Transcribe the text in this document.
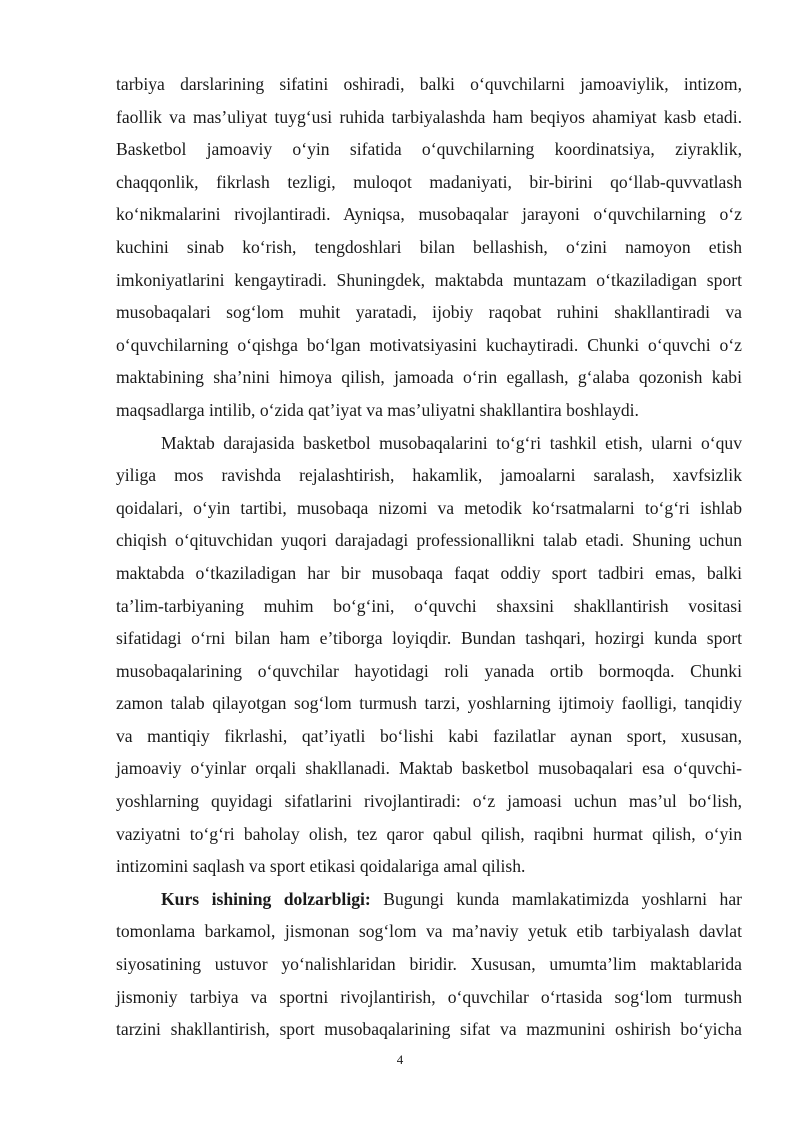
tarbiya darslarining sifatini oshiradi, balki o‘quvchilarni jamoaviylik, intizom,
faollik va mas’uliyat tuyg‘usi ruhida tarbiyalashda ham beqiyos ahamiyat kasb etadi.
Basketbol jamoaviy o‘yin sifatida o‘quvchilarning koordinatsiya, ziyraklik,
chaqqonlik, fikrlash tezligi, muloqot madaniyati, bir-birini qo‘llab-quvvatlash
ko‘nikmalarini rivojlantiradi. Ayniqsa, musobaqalar jarayoni o‘quvchilarning o‘z
kuchini sinab ko‘rish, tengdoshlari bilan bellashish, o‘zini namoyon etish
imkoniyatlarini kengaytiradi. Shuningdek, maktabda muntazam o‘tkaziladigan sport
musobaqalari sog‘lom muhit yaratadi, ijobiy raqobat ruhini shakllantiradi va
o‘quvchilarning o‘qishga bo‘lgan motivatsiyasini kuchaytiradi. Chunki o‘quvchi o‘z
maktabining sha’nini himoya qilish, jamoada o‘rin egallash, g‘alaba qozonish kabi
maqsadlarga intilib, o‘zida qat’iyat va mas’uliyatni shakllantira boshlaydi.
Maktab darajasida basketbol musobaqalarini to‘g‘ri tashkil etish, ularni o‘quv
yiliga mos ravishda rejalashtirish, hakamlik, jamoalarni saralash, xavfsizlik
qoidalari, o‘yin tartibi, musobaqa nizomi va metodik ko‘rsatmalarni to‘g‘ri ishlab
chiqish o‘qituvchidan yuqori darajadagi professionallikni talab etadi. Shuning uchun
maktabda o‘tkaziladigan har bir musobaqa faqat oddiy sport tadbiri emas, balki
ta’lim-tarbiyaning muhim bo‘g‘ini, o‘quvchi shaxsini shakllantirish vositasi
sifatidagi o‘rni bilan ham e’tiborga loyiqdir. Bundan tashqari, hozirgi kunda sport
musobaqalarining o‘quvchilar hayotidagi roli yanada ortib bormoqda. Chunki
zamon talab qilayotgan sog‘lom turmush tarzi, yoshlarning ijtimoiy faolligi, tanqidiy
va mantiqiy fikrlashi, qat’iyatli bo‘lishi kabi fazilatlar aynan sport, xususan,
jamoaviy o‘yinlar orqali shakllanadi. Maktab basketbol musobaqalari esa o‘quvchi-
yoshlarning quyidagi sifatlarini rivojlantiradi: o‘z jamoasi uchun mas’ul bo‘lish,
vaziyatni to‘g‘ri baholay olish, tez qaror qabul qilish, raqibni hurmat qilish, o‘yin
intizomini saqlash va sport etikasi qoidalariga amal qilish.
Kurs ishining dolzarbligi: Bugungi kunda mamlakatimizda yoshlarni har
tomonlama barkamol, jismonan sog‘lom va ma’naviy yetuk etib tarbiyalash davlat
siyosatining ustuvor yo‘nalishlaridan biridir. Xususan, umumta’lim maktablarida
jismoniy tarbiya va sportni rivojlantirish, o‘quvchilar o‘rtasida sog‘lom turmush
tarzini shakllantirish, sport musobaqalarining sifat va mazmunini oshirish bo‘yicha
4
